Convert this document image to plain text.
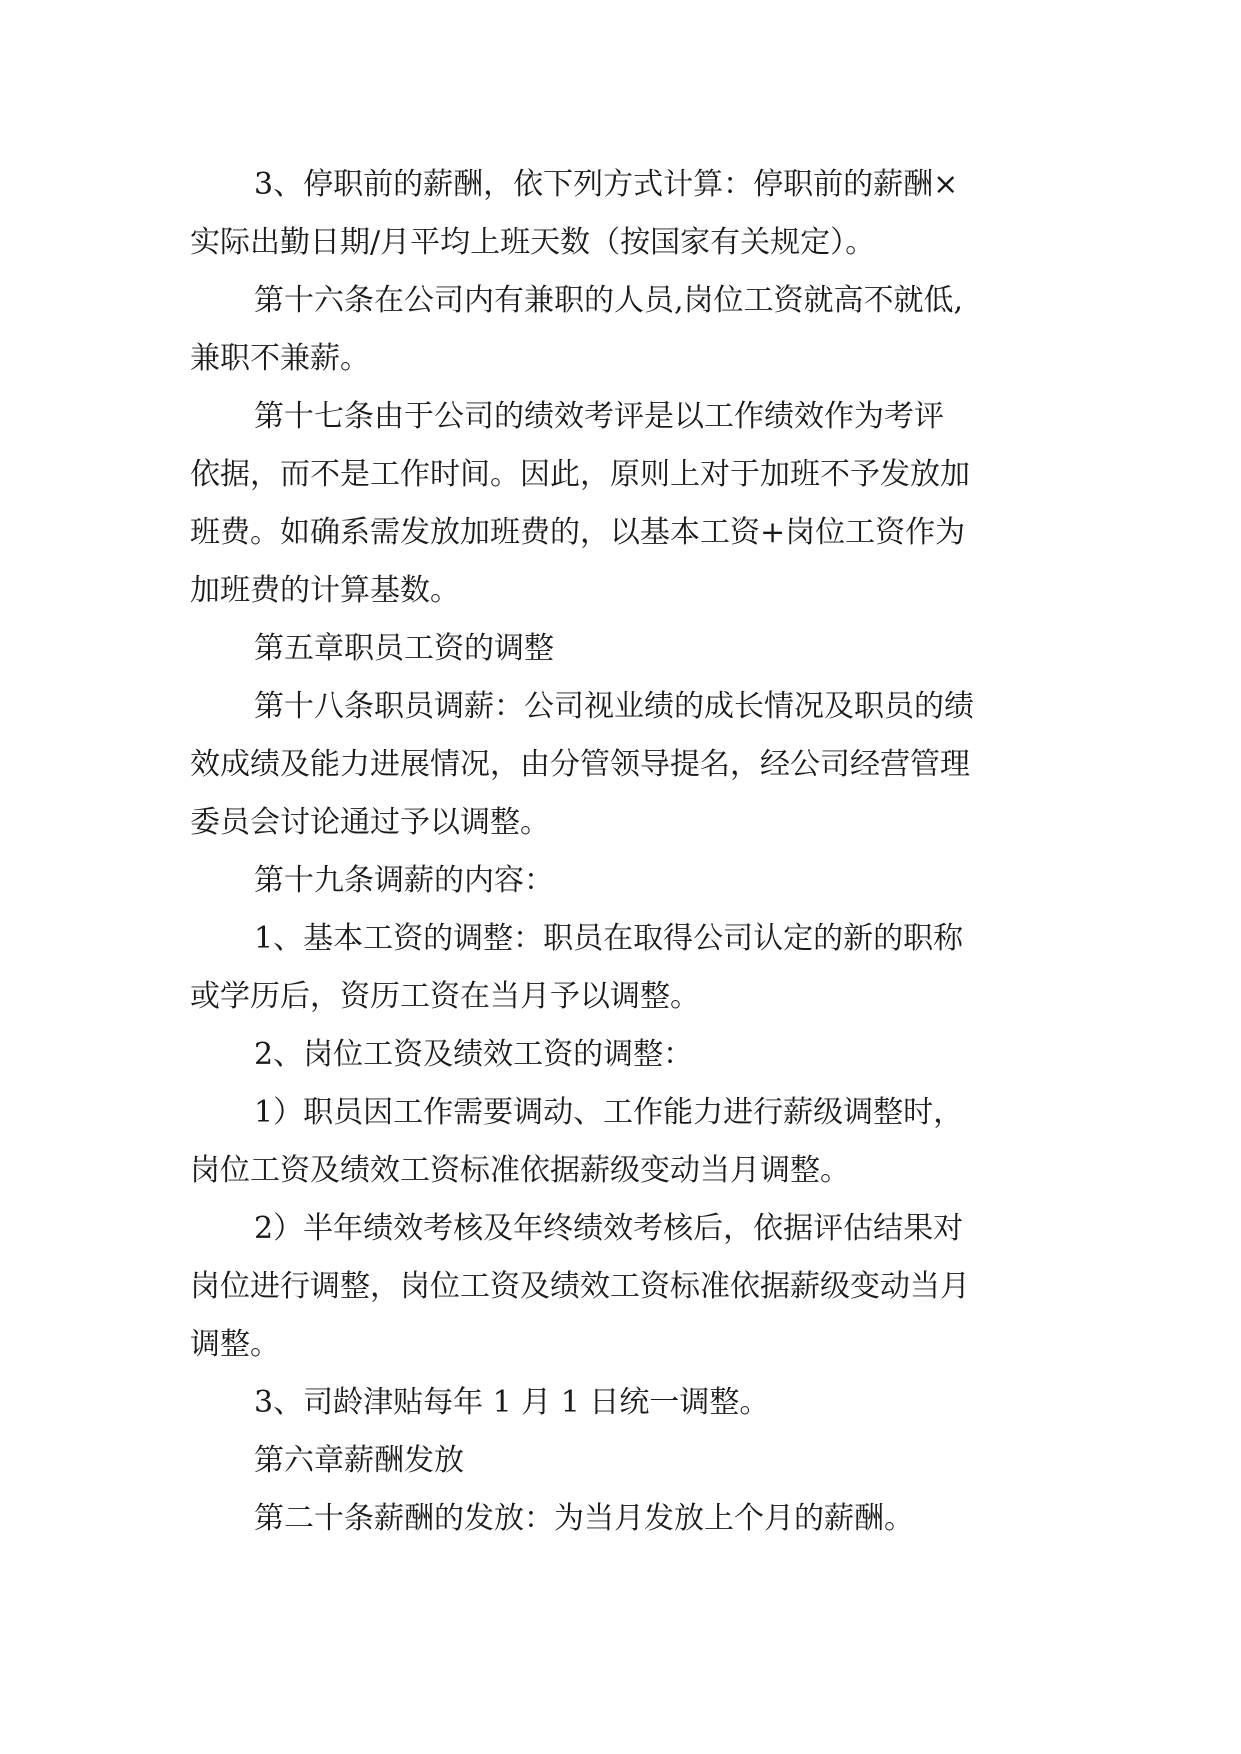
3、停职前的薪酬，依下列方式计算：停职前的薪酬×

实际出勤日期/月平均上班天数（按国家有关规定）。

第十六条在公司内有兼职的人员,岗位工资就高不就低,

兼职不兼薪。

第十七条由于公司的绩效考评是以工作绩效作为考评

依据，而不是工作时间。因此，原则上对于加班不予发放加

班费。如确系需发放加班费的，以基本工资+岗位工资作为

加班费的计算基数。

第五章职员工资的调整

第十八条职员调薪：公司视业绩的成长情况及职员的绩

效成绩及能力进展情况，由分管领导提名，经公司经营管理

委员会讨论通过予以调整。

第十九条调薪的内容：

1、基本工资的调整：职员在取得公司认定的新的职称

或学历后，资历工资在当月予以调整。

2、岗位工资及绩效工资的调整：

1）职员因工作需要调动、工作能力进行薪级调整时，

岗位工资及绩效工资标准依据薪级变动当月调整。

2）半年绩效考核及年终绩效考核后，依据评估结果对

岗位进行调整，岗位工资及绩效工资标准依据薪级变动当月

调整。

3、司龄津贴每年 1 月 1 日统一调整。

第六章薪酬发放

第二十条薪酬的发放：为当月发放上个月的薪酬。
